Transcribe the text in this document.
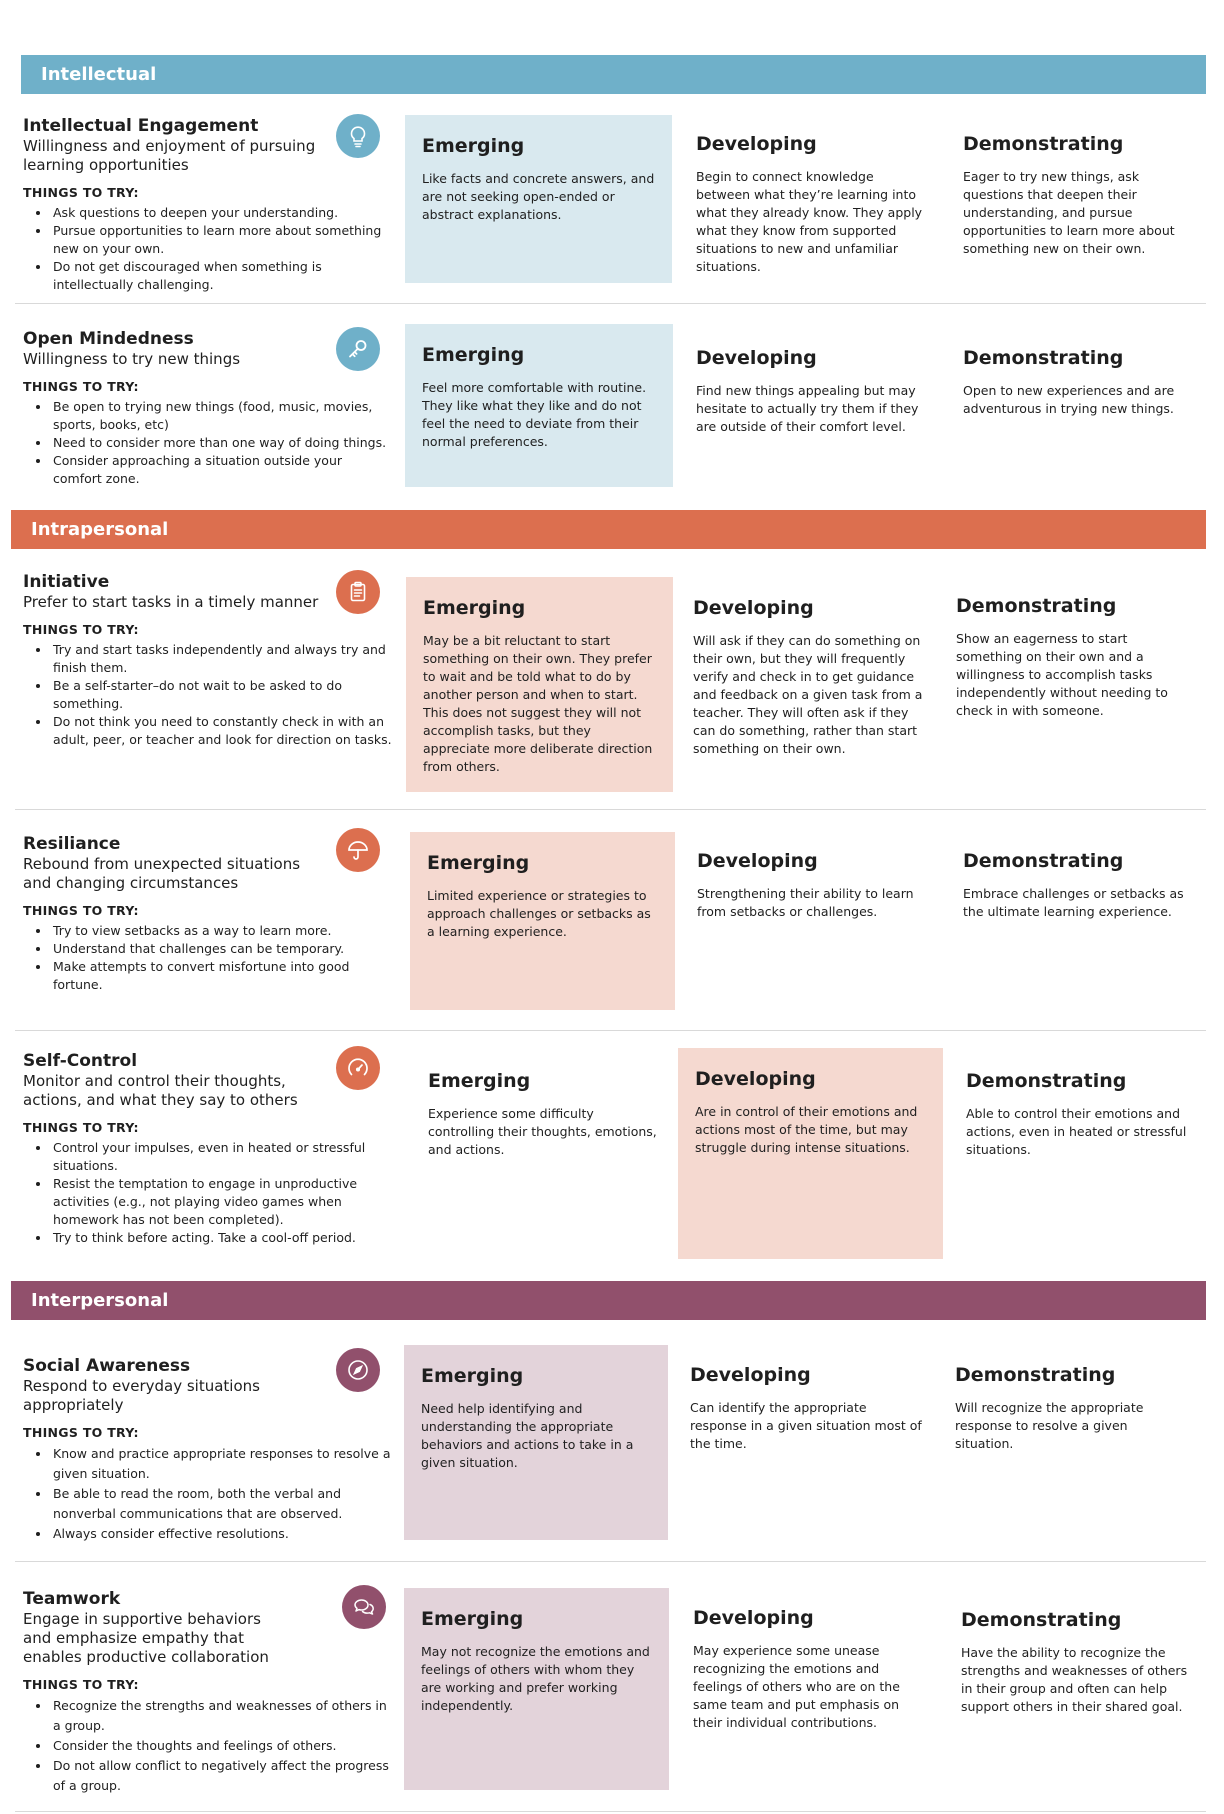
Intellectual
Intrapersonal
Interpersonal
Intellectual Engagement

Willingness and enjoyment of pursuing learning opportunities

THINGS TO TRY:
• Ask questions to deepen your understanding.
• Pursue opportunities to learn more about something new on your own.
• Do not get discouraged when something is intellectually challenging.
Emerging

Like facts and concrete answers, and are not seeking open-ended or abstract explanations.

Developing

Begin to connect knowledge between what they’re learning into what they already know. They apply what they know from supported situations to new and unfamiliar situations.

Demonstrating

Eager to try new things, ask questions that deepen their understanding, and pursue opportunities to learn more about something new on their own.

Open Mindedness

Willingness to try new things

THINGS TO TRY:
• Be open to trying new things (food, music, movies, sports, books, etc)
• Need to consider more than one way of doing things.
• Consider approaching a situation outside your comfort zone.
Emerging

Feel more comfortable with routine. They like what they like and do not feel the need to deviate from their normal preferences.

Developing

Find new things appealing but may hesitate to actually try them if they are outside of their comfort level.

Demonstrating

Open to new experiences and are adventurous in trying new things.

Initiative

Prefer to start tasks in a timely manner

THINGS TO TRY:
• Try and start tasks independently and always try and finish them.
• Be a self-starter–do not wait to be asked to do something.
• Do not think you need to constantly check in with an adult, peer, or teacher and look for direction on tasks.
Emerging

May be a bit reluctant to start something on their own. They prefer to wait and be told what to do by another person and when to start. This does not suggest they will not accomplish tasks, but they appreciate more deliberate direction from others.

Developing

Will ask if they can do something on their own, but they will frequently verify and check in to get guidance and feedback on a given task from a teacher. They will often ask if they can do something, rather than start something on their own.

Demonstrating

Show an eagerness to start something on their own and a willingness to accomplish tasks independently without needing to check in with someone.

Resiliance

Rebound from unexpected situations and changing circumstances

THINGS TO TRY:
• Try to view setbacks as a way to learn more.
• Understand that challenges can be temporary.
• Make attempts to convert misfortune into good fortune.
Emerging

Limited experience or strategies to approach challenges or setbacks as a learning experience.

Developing

Strengthening their ability to learn from setbacks or challenges.

Demonstrating

Embrace challenges or setbacks as the ultimate learning experience.

Self-Control

Monitor and control their thoughts, actions, and what they say to others

THINGS TO TRY:
• Control your impulses, even in heated or stressful situations.
• Resist the temptation to engage in unproductive activities (e.g., not playing video games when homework has not been completed).
• Try to think before acting. Take a cool-off period.
Emerging

Experience some difficulty controlling their thoughts, emotions, and actions.

Developing

Are in control of their emotions and actions most of the time, but may struggle during intense situations.

Demonstrating

Able to control their emotions and actions, even in heated or stressful situations.

Social Awareness

Respond to everyday situations appropriately

THINGS TO TRY:
• Know and practice appropriate responses to resolve a given situation.
• Be able to read the room, both the verbal and nonverbal communications that are observed.
• Always consider effective resolutions.
Emerging

Need help identifying and understanding the appropriate behaviors and actions to take in a given situation.

Developing

Can identify the appropriate response in a given situation most of the time.

Demonstrating

Will recognize the appropriate response to resolve a given situation.

Teamwork

Engage in supportive behaviors and emphasize empathy that enables productive collaboration

THINGS TO TRY:
• Recognize the strengths and weaknesses of others in a group.
• Consider the thoughts and feelings of others.
• Do not allow conflict to negatively affect the progress of a group.
Emerging

May not recognize the emotions and feelings of others with whom they are working and prefer working independently.

Developing

May experience some unease recognizing the emotions and feelings of others who are on the same team and put emphasis on their individual contributions.

Demonstrating

Have the ability to recognize the strengths and weaknesses of others in their group and often can help support others in their shared goal.
